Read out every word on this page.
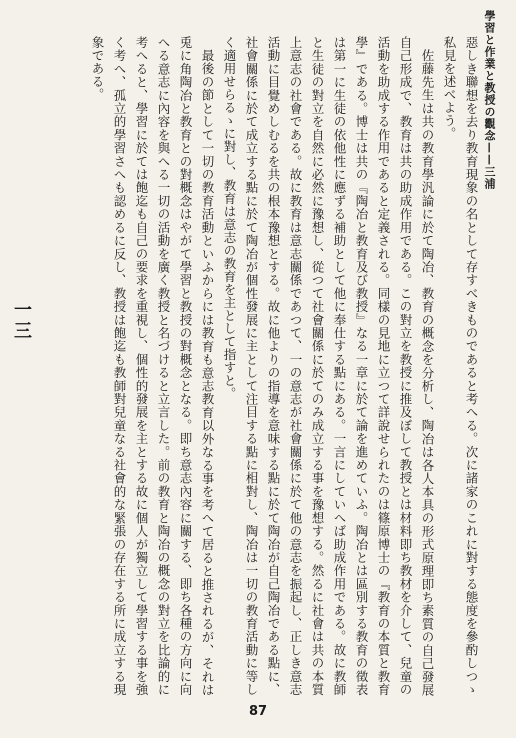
學習と作業と教授の觀念——三浦

惡しき聯想を去り教育現象の名として存すべきものであると考へる。次に諸家のこれに對する態度を參酌しつゝ私見を述べよう。

佐藤先生は共の教育學汎論に於て陶冶、教育の概念を分析し、陶冶は各人本具の形式原理即ち素質の自己發展自己形成で、教育は共の助成作用である。この對立を教授に推及ぼして教授とは材料即ち教材を介して、兒童の活動を助成する作用であると定義される。同樣の見地に立つて詳說せられたのは篠原博士の『教育の本質と教育學』である。博士は共の『陶冶と教育及び教授』なる一章に於て論を進めていふ。陶冶とは區別する教育の徵表は第一に生徒の依他性に應ずる補助として他に奉仕する點にある。一言にしていへば助成作用である。故に教師と生徒の對立を自然に必然に豫想し、從つて社會關係に於てのみ成立する事を豫想する。然るに社會は共の本質上意志の社會である。故に教育は意志關係であつて、一の意志が社會關係に於て他の意志を振起し、正しき意志活動に目覺めしむるを共の根本豫想とする。故に他よりの指導を意味する點に於て陶冶が自己陶冶である點に、社會關係に於て成立する點に於て陶冶が個性發展に主として注目する點に相對し、陶冶は一切の教育活動に等しく適用せらるゝに對し、教育は意志の教育を主として指すと。

最後の節として一切の教育活動といふからには教育も意志教育以外なる事を考へて居ると推されるが、それは兎に角陶冶と教育との對概念はやがて學習と教授の對概念となる。即ち意志內容に關する、即ち各種の方向に向へる意志に內容を與へる一切の活動を廣く教授と名づけると立言した。前の教育と陶冶の概念の對立を比論的に考へると、學習に於ては飽迄も自己の要求を重視し、個性的發展を主とする故に個人が獨立して學習する事を強く考へ、孤立的學習さへも認めるに反し、教授は飽迄も教師對兒童なる社會的な緊張の存在する所に成立する現象である。

一三
87
